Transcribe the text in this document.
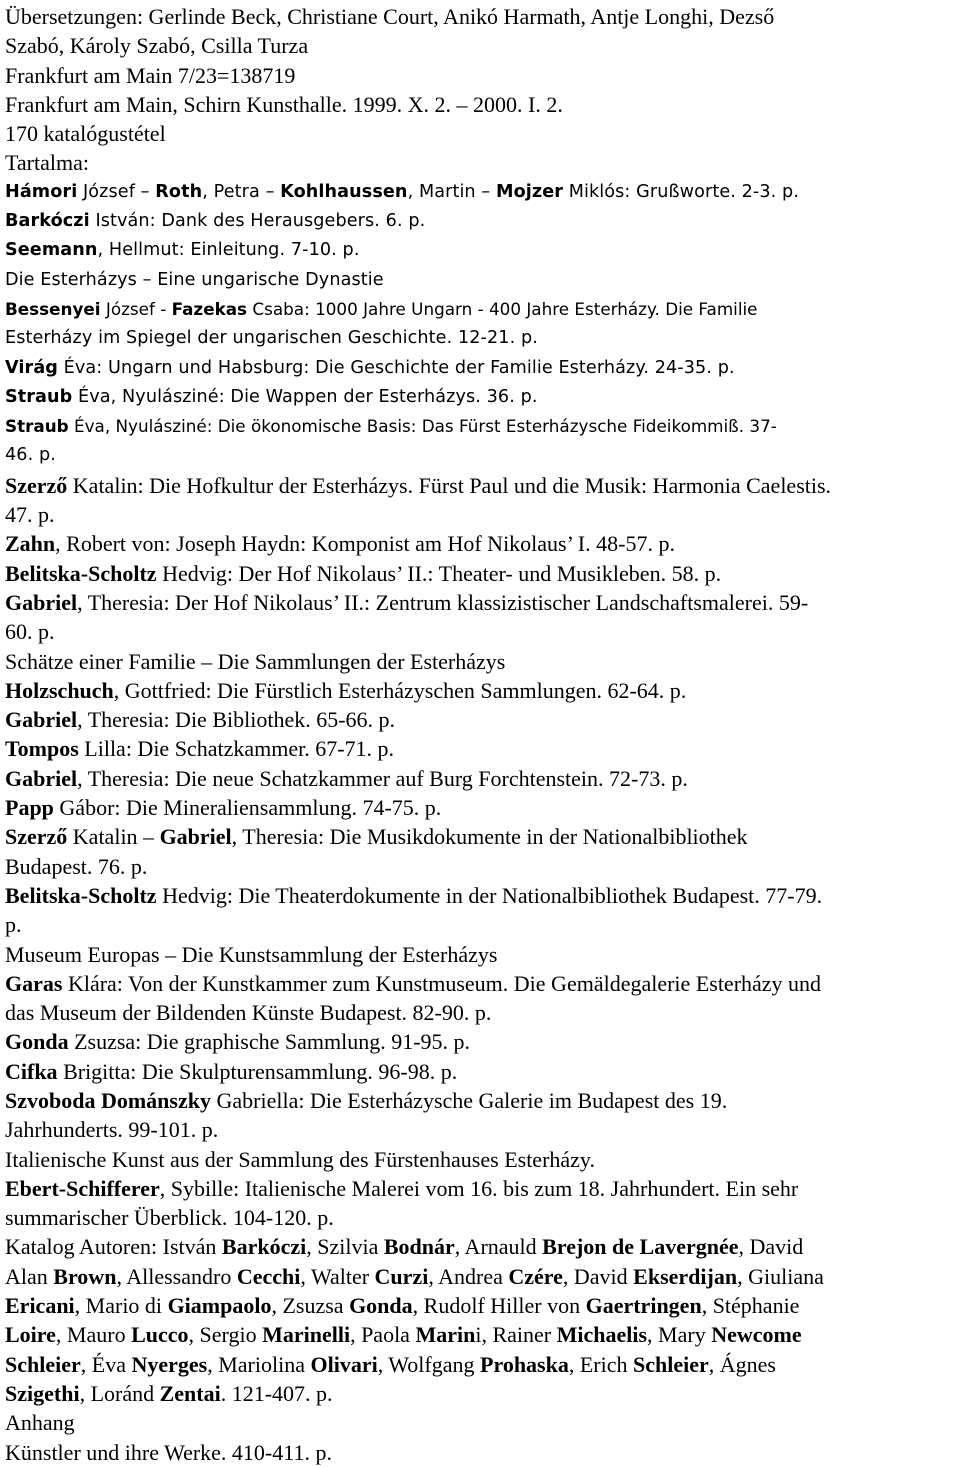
Übersetzungen: Gerlinde Beck, Christiane Court, Anikó Harmath, Antje Longhi, Dezső
Szabó, Károly Szabó, Csilla Turza
Frankfurt am Main 7/23=138719
Frankfurt am Main, Schirn Kunsthalle. 1999. X. 2. – 2000. I. 2.
170 katalógustétel
Tartalma:
Hámori József – Roth, Petra – Kohlhaussen, Martin – Mojzer Miklós: Grußworte. 2-3. p.
Barkóczi István: Dank des Herausgebers. 6. p.
Seemann, Hellmut: Einleitung. 7-10. p.
Die Esterházys – Eine ungarische Dynastie
Bessenyei József - Fazekas Csaba: 1000 Jahre Ungarn - 400 Jahre Esterházy. Die Familie
Esterházy im Spiegel der ungarischen Geschichte. 12-21. p.
Virág Éva: Ungarn und Habsburg: Die Geschichte der Familie Esterházy. 24-35. p.
Straub Éva, Nyulásziné: Die Wappen der Esterházys. 36. p.
Straub Éva, Nyulásziné: Die ökonomische Basis: Das Fürst Esterházysche Fideikommiß. 37-
46. p.
Szerző Katalin: Die Hofkultur der Esterházys. Fürst Paul und die Musik: Harmonia Caelestis.
47. p.
Zahn, Robert von: Joseph Haydn: Komponist am Hof Nikolaus’ I. 48-57. p.
Belitska-Scholtz Hedvig: Der Hof Nikolaus’ II.: Theater- und Musikleben. 58. p.
Gabriel, Theresia: Der Hof Nikolaus’ II.: Zentrum klassizistischer Landschaftsmalerei. 59-
60. p.
Schätze einer Familie – Die Sammlungen der Esterházys
Holzschuch, Gottfried: Die Fürstlich Esterházyschen Sammlungen. 62-64. p.
Gabriel, Theresia: Die Bibliothek. 65-66. p.
Tompos Lilla: Die Schatzkammer. 67-71. p.
Gabriel, Theresia: Die neue Schatzkammer auf Burg Forchtenstein. 72-73. p.
Papp Gábor: Die Mineraliensammlung. 74-75. p.
Szerző Katalin – Gabriel, Theresia: Die Musikdokumente in der Nationalbibliothek
Budapest. 76. p.
Belitska-Scholtz Hedvig: Die Theaterdokumente in der Nationalbibliothek Budapest. 77-79.
p.
Museum Europas – Die Kunstsammlung der Esterházys
Garas Klára: Von der Kunstkammer zum Kunstmuseum. Die Gemäldegalerie Esterházy und
das Museum der Bildenden Künste Budapest. 82-90. p.
Gonda Zsuzsa: Die graphische Sammlung. 91-95. p.
Cifka Brigitta: Die Skulpturensammlung. 96-98. p.
Szvoboda Dománszky Gabriella: Die Esterházysche Galerie im Budapest des 19.
Jahrhunderts. 99-101. p.
Italienische Kunst aus der Sammlung des Fürstenhauses Esterházy.
Ebert-Schifferer, Sybille: Italienische Malerei vom 16. bis zum 18. Jahrhundert. Ein sehr
summarischer Überblick. 104-120. p.
Katalog Autoren: István Barkóczi, Szilvia Bodnár, Arnauld Brejon de Lavergnée, David
Alan Brown, Allessandro Cecchi, Walter Curzi, Andrea Czére, David Ekserdijan, Giuliana
Ericani, Mario di Giampaolo, Zsuzsa Gonda, Rudolf Hiller von Gaertringen, Stéphanie
Loire, Mauro Lucco, Sergio Marinelli, Paola Marini, Rainer Michaelis, Mary Newcome
Schleier, Éva Nyerges, Mariolina Olivari, Wolfgang Prohaska, Erich Schleier, Ágnes
Szigethi, Loránd Zentai. 121-407. p.
Anhang
Künstler und ihre Werke. 410-411. p.
